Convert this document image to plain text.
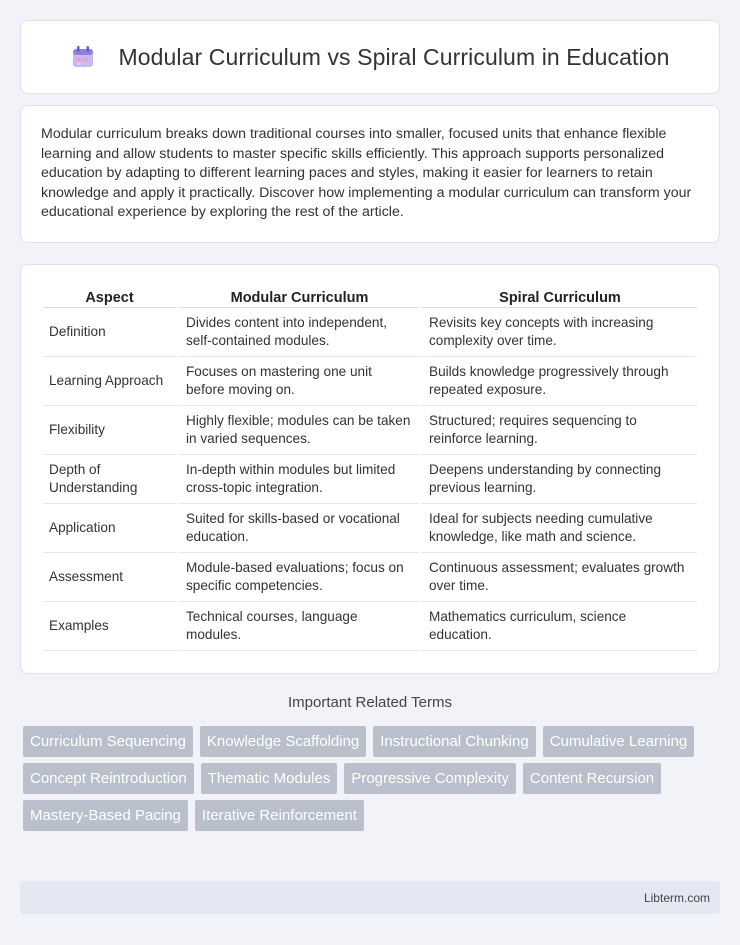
Modular Curriculum vs Spiral Curriculum in Education

Modular curriculum breaks down traditional courses into smaller, focused units that enhance flexible learning and allow students to master specific skills efficiently. This approach supports personalized education by adapting to different learning paces and styles, making it easier for learners to retain knowledge and apply it practically. Discover how implementing a modular curriculum can transform your educational experience by exploring the rest of the article.

Aspect	Modular Curriculum	Spiral Curriculum
Definition	Divides content into independent, self-contained modules.	Revisits key concepts with increasing complexity over time.
Learning Approach	Focuses on mastering one unit before moving on.	Builds knowledge progressively through repeated exposure.
Flexibility	Highly flexible; modules can be taken in varied sequences.	Structured; requires sequencing to reinforce learning.
Depth of Understanding	In-depth within modules but limited cross-topic integration.	Deepens understanding by connecting previous learning.
Application	Suited for skills-based or vocational education.	Ideal for subjects needing cumulative knowledge, like math and science.
Assessment	Module-based evaluations; focus on specific competencies.	Continuous assessment; evaluates growth over time.
Examples	Technical courses, language modules.	Mathematics curriculum, science education.
Important Related Terms
Curriculum Sequencing	Knowledge Scaffolding	Instructional Chunking	Cumulative Learning
Concept Reintroduction	Thematic Modules	Progressive Complexity	Content Recursion
Mastery-Based Pacing	Iterative Reinforcement
Libterm.com
